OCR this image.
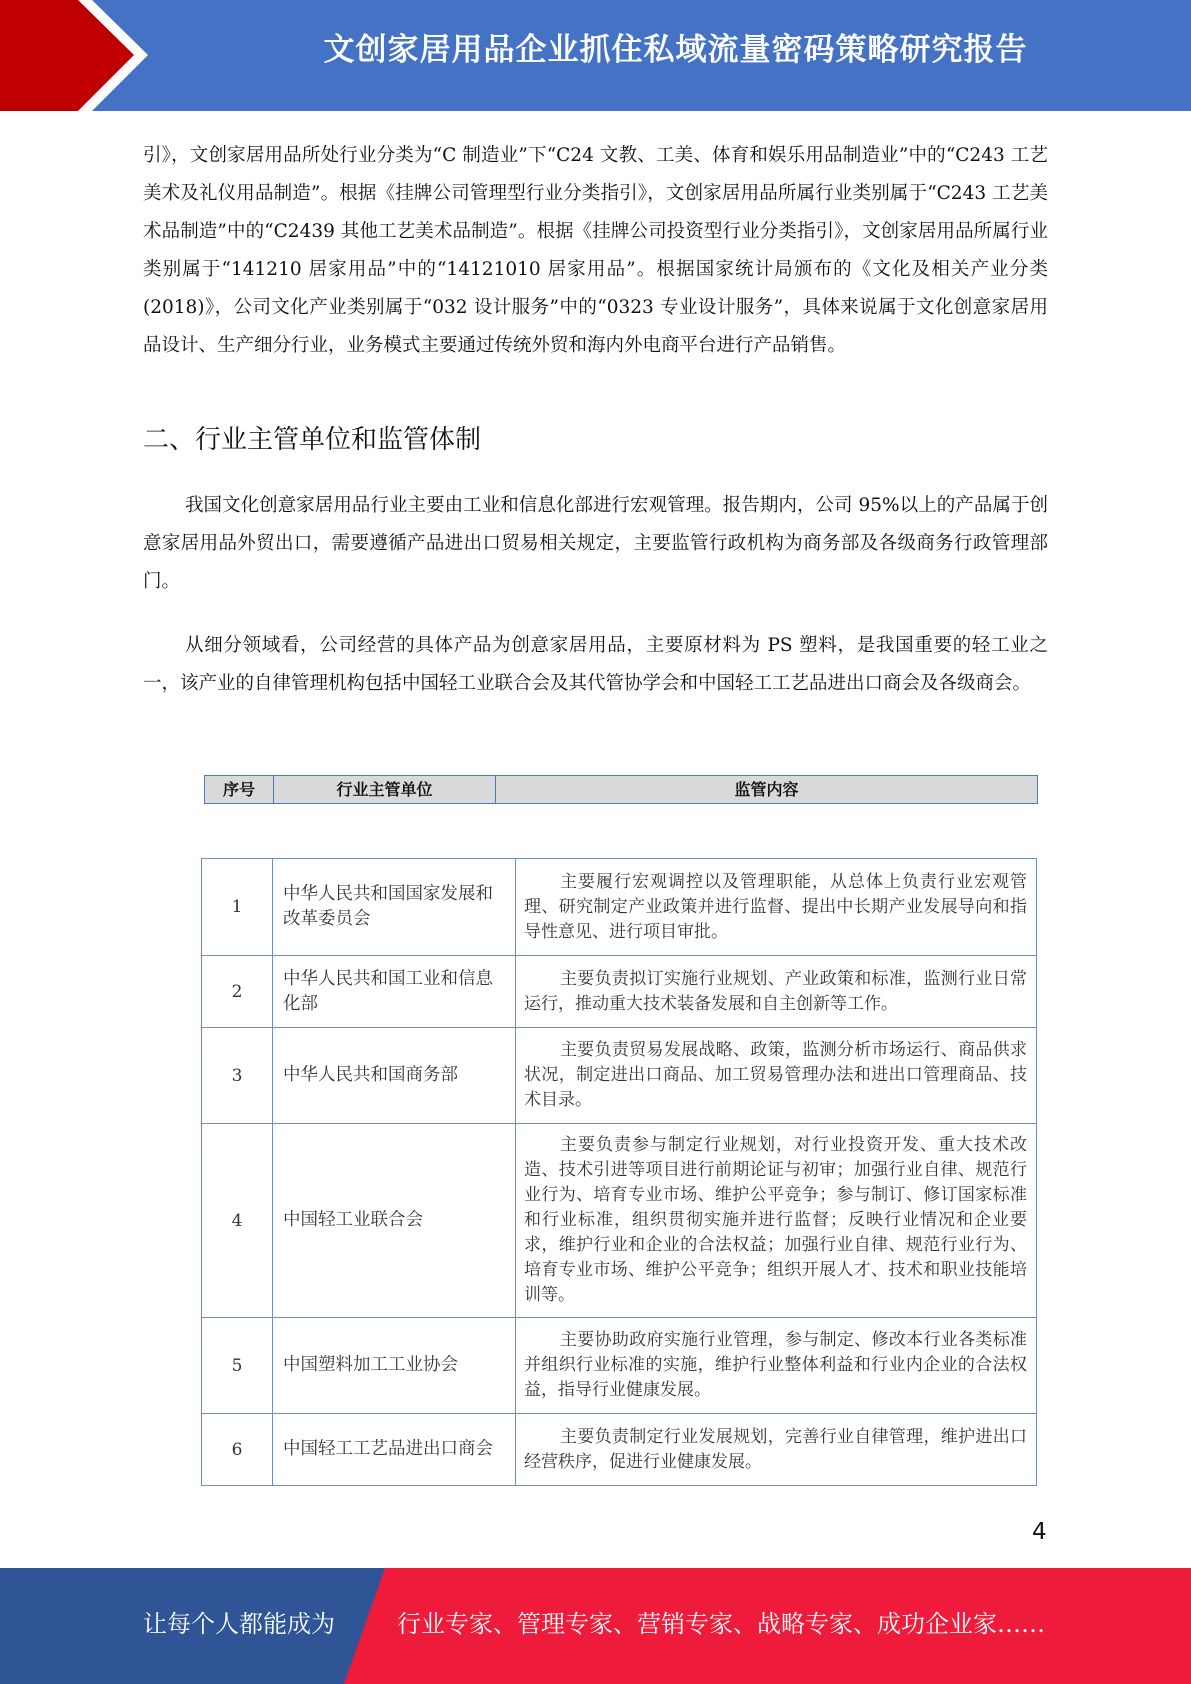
文创家居用品企业抓住私域流量密码策略研究报告

引》，文创家居用品所处行业分类为“C 制造业”下“C24 文教、工美、体育和娱乐用品制造业”中的“C243 工艺美术及礼仪用品制造”。根据《挂牌公司管理型行业分类指引》，文创家居用品所属行业类别属于“C243 工艺美术品制造”中的“C2439 其他工艺美术品制造”。根据《挂牌公司投资型行业分类指引》，文创家居用品所属行业类别属于“141210 居家用品”中的“14121010 居家用品”。根据国家统计局颁布的《文化及相关产业分类(2018)》，公司文化产业类别属于“032 设计服务”中的“0323 专业设计服务”，具体来说属于文化创意家居用品设计、生产细分行业，业务模式主要通过传统外贸和海内外电商平台进行产品销售。

二、行业主管单位和监管体制

我国文化创意家居用品行业主要由工业和信息化部进行宏观管理。报告期内，公司 95%以上的产品属于创意家居用品外贸出口，需要遵循产品进出口贸易相关规定，主要监管行政机构为商务部及各级商务行政管理部门。

从细分领域看，公司经营的具体产品为创意家居用品，主要原材料为 PS 塑料，是我国重要的轻工业之一，该产业的自律管理机构包括中国轻工业联合会及其代管协学会和中国轻工工艺品进出口商会及各级商会。

序号	行业主管单位	监管内容
1	中华人民共和国国家发展和改革委员会	主要履行宏观调控以及管理职能，从总体上负责行业宏观管理、研究制定产业政策并进行监督、提出中长期产业发展导向和指导性意见、进行项目审批。
2	中华人民共和国工业和信息化部	主要负责拟订实施行业规划、产业政策和标准，监测行业日常运行，推动重大技术装备发展和自主创新等工作。
3	中华人民共和国商务部	主要负责贸易发展战略、政策，监测分析市场运行、商品供求状况，制定进出口商品、加工贸易管理办法和进出口管理商品、技术目录。
4	中国轻工业联合会	主要负责参与制定行业规划，对行业投资开发、重大技术改造、技术引进等项目进行前期论证与初审；加强行业自律、规范行业行为、培育专业市场、维护公平竞争；参与制订、修订国家标准和行业标准，组织贯彻实施并进行监督；反映行业情况和企业要求，维护行业和企业的合法权益；加强行业自律、规范行业行为、培育专业市场、维护公平竞争；组织开展人才、技术和职业技能培训等。
5	中国塑料加工工业协会	主要协助政府实施行业管理，参与制定、修改本行业各类标准并组织行业标准的实施，维护行业整体利益和行业内企业的合法权益，指导行业健康发展。
6	中国轻工工艺品进出口商会	主要负责制定行业发展规划，完善行业自律管理，维护进出口经营秩序，促进行业健康发展。
4
让每个人都能成为	行业专家、管理专家、营销专家、战略专家、成功企业家……
